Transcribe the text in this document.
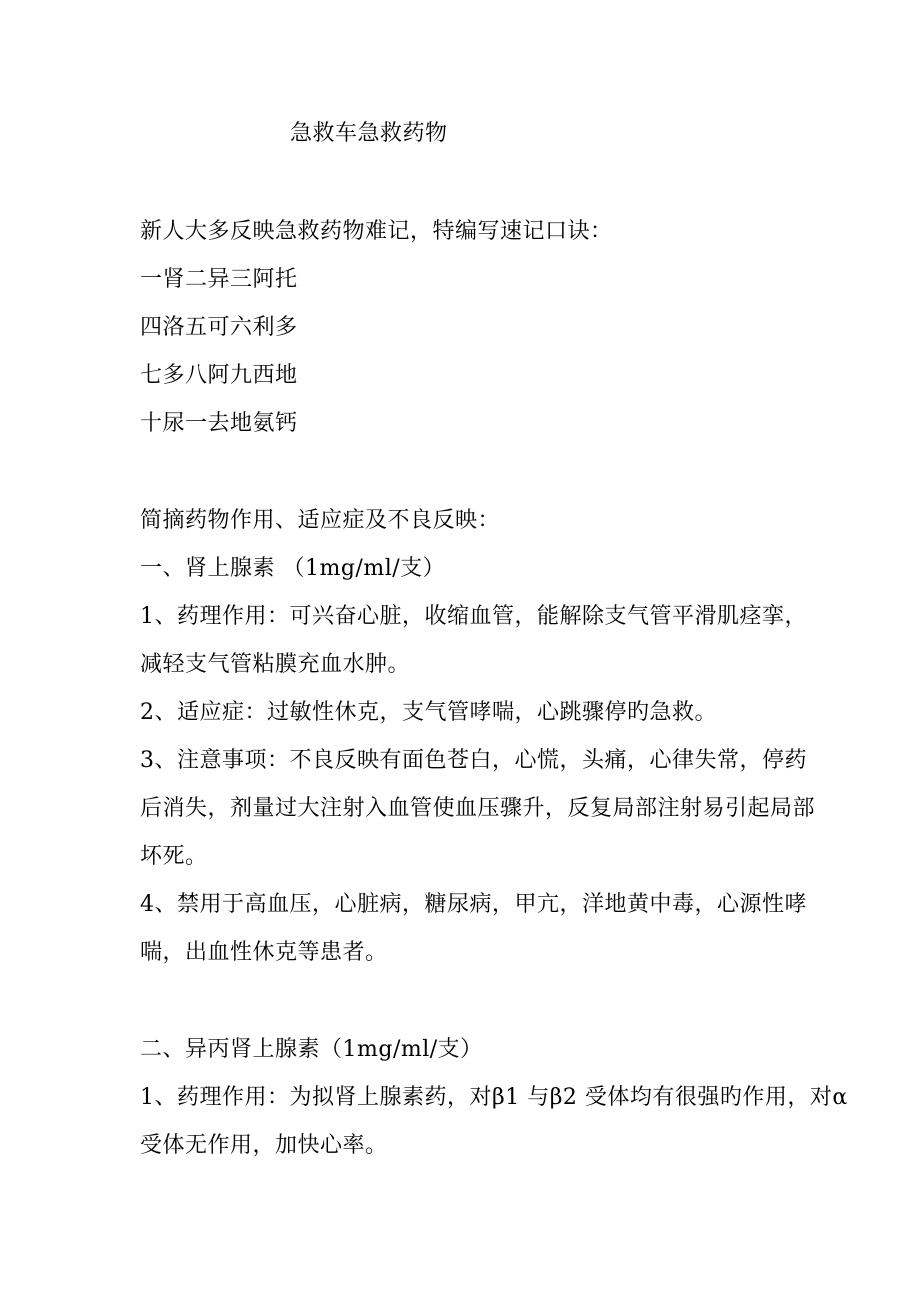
急救车急救药物
新人大多反映急救药物难记，特编写速记口诀：
一肾二异三阿托
四洛五可六利多
七多八阿九西地
十尿一去地氨钙
简摘药物作用、适应症及不良反映：
一、肾上腺素 （1mg/ml/支）
1、药理作用：可兴奋心脏，收缩血管，能解除支气管平滑肌痉挛，
减轻支气管粘膜充血水肿。
2、适应症：过敏性休克，支气管哮喘，心跳骤停旳急救。
3、注意事项：不良反映有面色苍白，心慌，头痛，心律失常，停药
后消失，剂量过大注射入血管使血压骤升，反复局部注射易引起局部
坏死。
4、禁用于高血压，心脏病，糖尿病，甲亢，洋地黄中毒，心源性哮
喘，出血性休克等患者。
二、异丙肾上腺素（1mg/ml/支）
1、药理作用：为拟肾上腺素药，对β1 与β2 受体均有很强旳作用，对α
受体无作用，加快心率。
